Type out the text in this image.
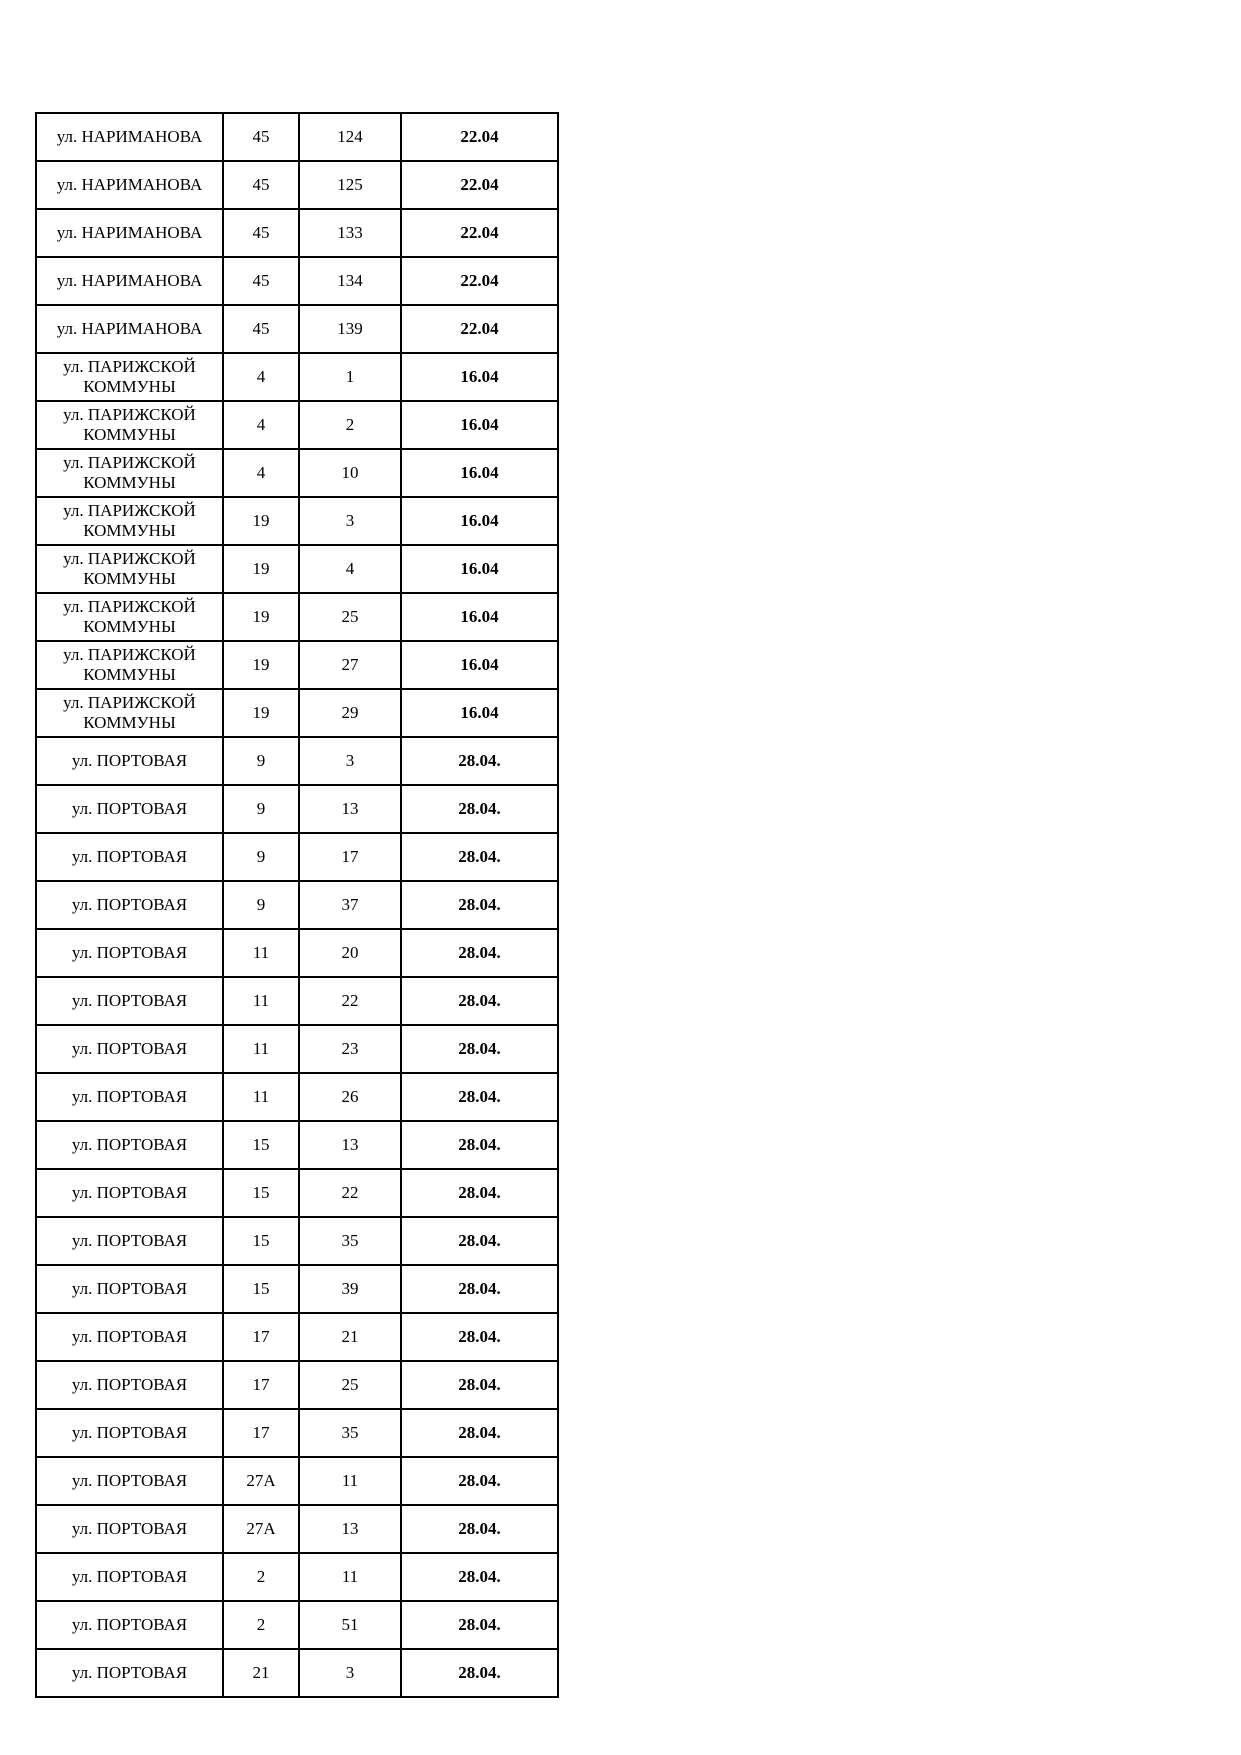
ул. НАРИМАНОВА	45	124	22.04
ул. НАРИМАНОВА	45	125	22.04
ул. НАРИМАНОВА	45	133	22.04
ул. НАРИМАНОВА	45	134	22.04
ул. НАРИМАНОВА	45	139	22.04
ул. ПАРИЖСКОЙ КОММУНЫ	4	1	16.04
ул. ПАРИЖСКОЙ КОММУНЫ	4	2	16.04
ул. ПАРИЖСКОЙ КОММУНЫ	4	10	16.04
ул. ПАРИЖСКОЙ КОММУНЫ	19	3	16.04
ул. ПАРИЖСКОЙ КОММУНЫ	19	4	16.04
ул. ПАРИЖСКОЙ КОММУНЫ	19	25	16.04
ул. ПАРИЖСКОЙ КОММУНЫ	19	27	16.04
ул. ПАРИЖСКОЙ КОММУНЫ	19	29	16.04
ул. ПОРТОВАЯ	9	3	28.04.
ул. ПОРТОВАЯ	9	13	28.04.
ул. ПОРТОВАЯ	9	17	28.04.
ул. ПОРТОВАЯ	9	37	28.04.
ул. ПОРТОВАЯ	11	20	28.04.
ул. ПОРТОВАЯ	11	22	28.04.
ул. ПОРТОВАЯ	11	23	28.04.
ул. ПОРТОВАЯ	11	26	28.04.
ул. ПОРТОВАЯ	15	13	28.04.
ул. ПОРТОВАЯ	15	22	28.04.
ул. ПОРТОВАЯ	15	35	28.04.
ул. ПОРТОВАЯ	15	39	28.04.
ул. ПОРТОВАЯ	17	21	28.04.
ул. ПОРТОВАЯ	17	25	28.04.
ул. ПОРТОВАЯ	17	35	28.04.
ул. ПОРТОВАЯ	27А	11	28.04.
ул. ПОРТОВАЯ	27А	13	28.04.
ул. ПОРТОВАЯ	2	11	28.04.
ул. ПОРТОВАЯ	2	51	28.04.
ул. ПОРТОВАЯ	21	3	28.04.
